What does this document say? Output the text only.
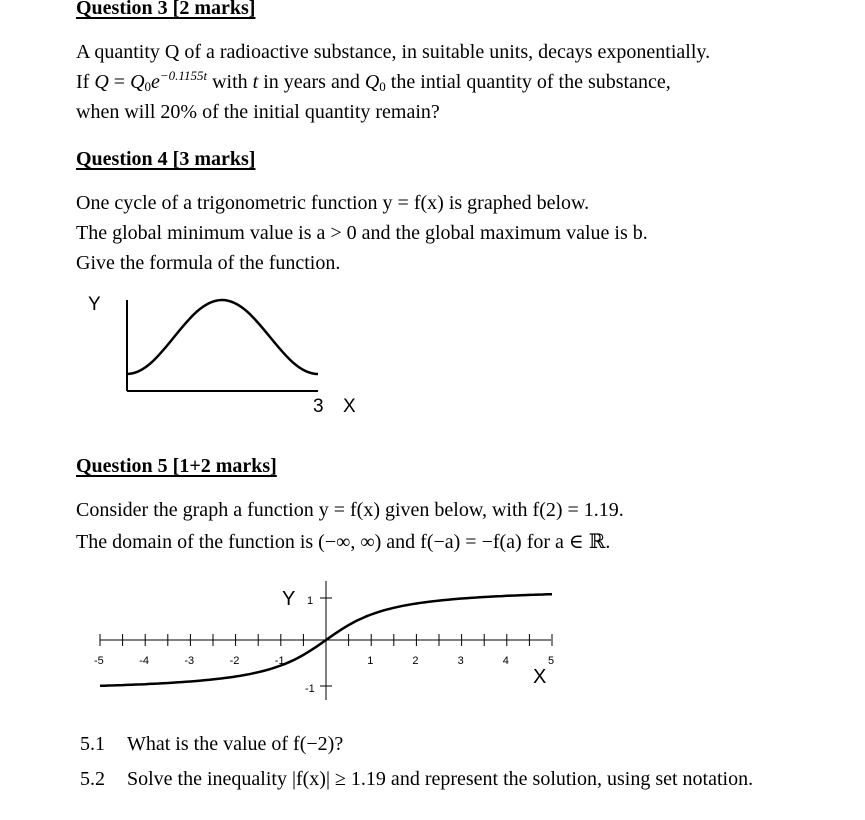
Question 3 [2 marks]
A quantity Q of a radioactive substance, in suitable units, decays exponentially.
If $Q = Q_0e^{-0.1155t}$ with t in years and $Q_0$ the intial quantity of the substance,
when will 20% of the initial quantity remain?
Question 4 [3 marks]
One cycle of a trigonometric function y = f(x) is graphed below.
The global minimum value is a > 0 and the global maximum value is b.
Give the formula of the function.
Y
3 X
-5	-4	-3	-2	-1	1	2	3	4	5
1
-1
Y
X
Question 5 [1+2 marks]
Consider the graph a function y = f(x) given below, with f(2) = 1.19.
The domain of the function is (−∞, ∞) and f(−a) = −f(a) for a ∈ ℝ.
5.1 What is the value of f(−2)?
5.2 Solve the inequality |f(x)| ≥ 1.19 and represent the solution, using set notation.
